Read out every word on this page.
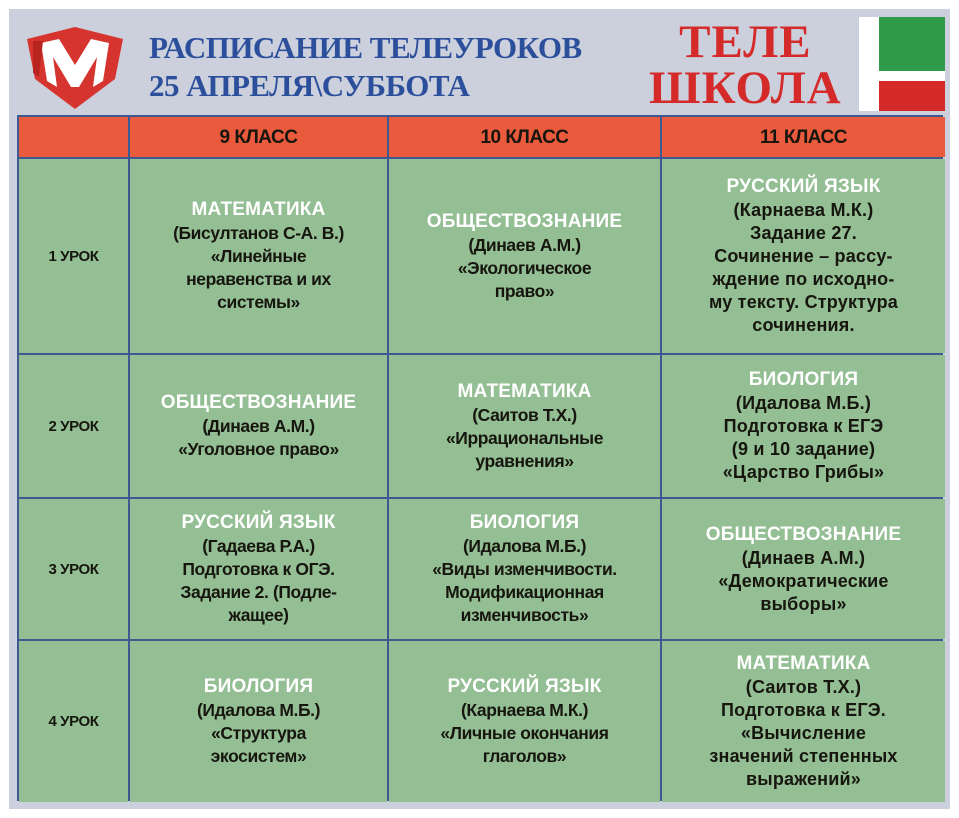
РАСПИСАНИЕ ТЕЛЕУРОКОВ
25 АПРЕЛЯ\СУББОТА
ТЕЛЕ
ШКОЛА
9 КЛАСС	10 КЛАСС	11 КЛАСС
1 УРОК
МАТЕМАТИКА
(Бисултанов С-А. В.)
«Линейные
неравенства и их
системы»
ОБЩЕСТВОЗНАНИЕ
(Динаев А.М.)
«Экологическое
право»
РУССКИЙ ЯЗЫК
(Карнаева М.К.)
Задание 27.
Сочинение – рассу-
ждение по исходно-
му тексту. Структура
сочинения.
2 УРОК
ОБЩЕСТВОЗНАНИЕ
(Динаев А.М.)
«Уголовное право»
МАТЕМАТИКА
(Саитов Т.Х.)
«Иррациональные
уравнения»
БИОЛОГИЯ
(Идалова М.Б.)
Подготовка к ЕГЭ
(9 и 10 задание)
«Царство Грибы»
3 УРОК
РУССКИЙ ЯЗЫК
(Гадаева Р.А.)
Подготовка к ОГЭ.
Задание 2. (Подле-
жащее)
БИОЛОГИЯ
(Идалова М.Б.)
«Виды изменчивости.
Модификационная
изменчивость»
ОБЩЕСТВОЗНАНИЕ
(Динаев А.М.)
«Демократические
выборы»
4 УРОК
БИОЛОГИЯ
(Идалова М.Б.)
«Структура
экосистем»
РУССКИЙ ЯЗЫК
(Карнаева М.К.)
«Личные окончания
глаголов»
МАТЕМАТИКА
(Саитов Т.Х.)
Подготовка к ЕГЭ.
«Вычисление
значений степенных
выражений»
